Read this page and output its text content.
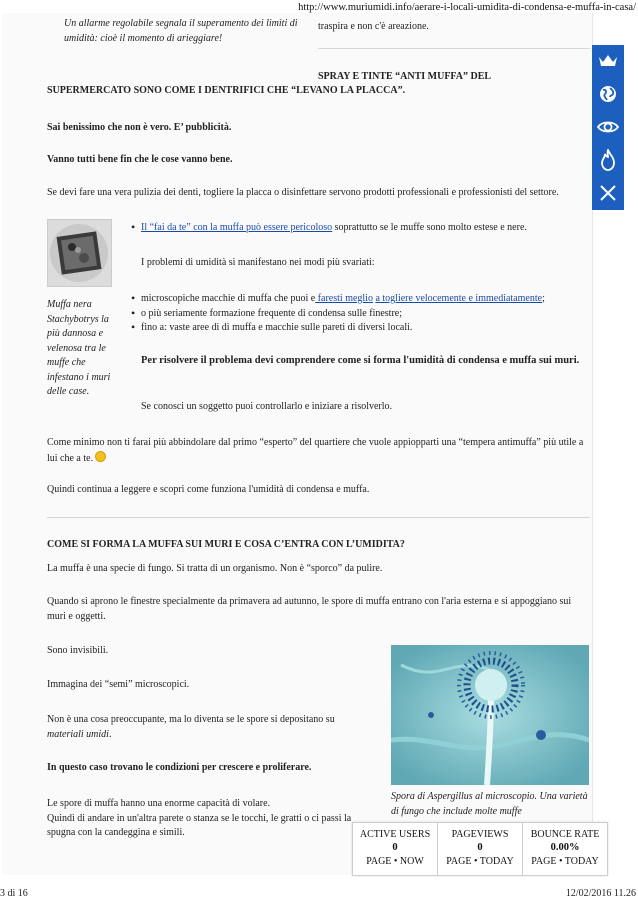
http://www.muriumidi.info/aerare-i-locali-umidita-di-condensa-e-muffa-in-casa/
Un allarme regolabile segnala il superamento dei limiti di umidità: cioè il momento di arieggiare!
traspira e non c'è areazione.
SPRAY E TINTE “ANTI MUFFA” DEL
SUPERMERCATO SONO COME I DENTRIFICI CHE “LEVANO LA PLACCA”.
Sai benissimo che non è vero. E’ pubblicità.
Vanno tutti bene fin che le cose vanno bene.
Se devi fare una vera pulizia dei denti, togliere la placca o disinfettare servono prodotti professionali e professionisti del settore.
Muffa nera Stachybotrys la più dannosa e velenosa tra le muffe che infestano i muri delle case.
• Il “fai da te” con la muffa può essere pericoloso soprattutto se le muffe sono molto estese e nere.
I problemi di umidità si manifestano nei modi più svariati:
• microscopiche macchie di muffa che puoi e faresti meglio a togliere velocemente e immediatamente;
• o più seriamente formazione frequente di condensa sulle finestre;
• fino a: vaste aree di di muffa e macchie sulle pareti di diversi locali.
Per risolvere il problema devi comprendere come si forma l'umidità di condensa e muffa sui muri.
Se conosci un soggetto puoi controllarlo e iniziare a risolverlo.
Come minimo non ti farai più abbindolare dal primo “esperto” del quartiere che vuole appiopparti una “tempera antimuffa” più utile a lui che a te.
Quindi continua a leggere e scopri come funziona l'umidità di condensa e muffa.
COME SI FORMA LA MUFFA SUI MURI E COSA C’ENTRA CON L’UMIDITA?
La muffa è una specie di fungo. Si tratta di un organismo. Non è “sporco” da pulire.
Quando si aprono le finestre specialmente da primavera ad autunno, le spore di muffa entrano con l'aria esterna e si appoggiano sui muri e oggetti.
Sono invisibili.
Immagina dei “semi” microscopici.
Non è una cosa preoccupante, ma lo diventa se le spore si depositano su materiali umidi.
In questo caso trovano le condizioni per crescere e proliferare.
Le spore di muffa hanno una enorme capacità di volare.
Quindi di andare in un'altra parete o stanza se le tocchi, le gratti o ci passi la spugna con la candeggina e simili.
Spora di Aspergillus al microscopio. Una varietà di fungo che include molte muffe
ACTIVE USERS
0
PAGE • NOW
PAGEVIEWS
0
PAGE • TODAY
BOUNCE RATE
0.00%
PAGE • TODAY
3 di 16	12/02/2016 11.26
